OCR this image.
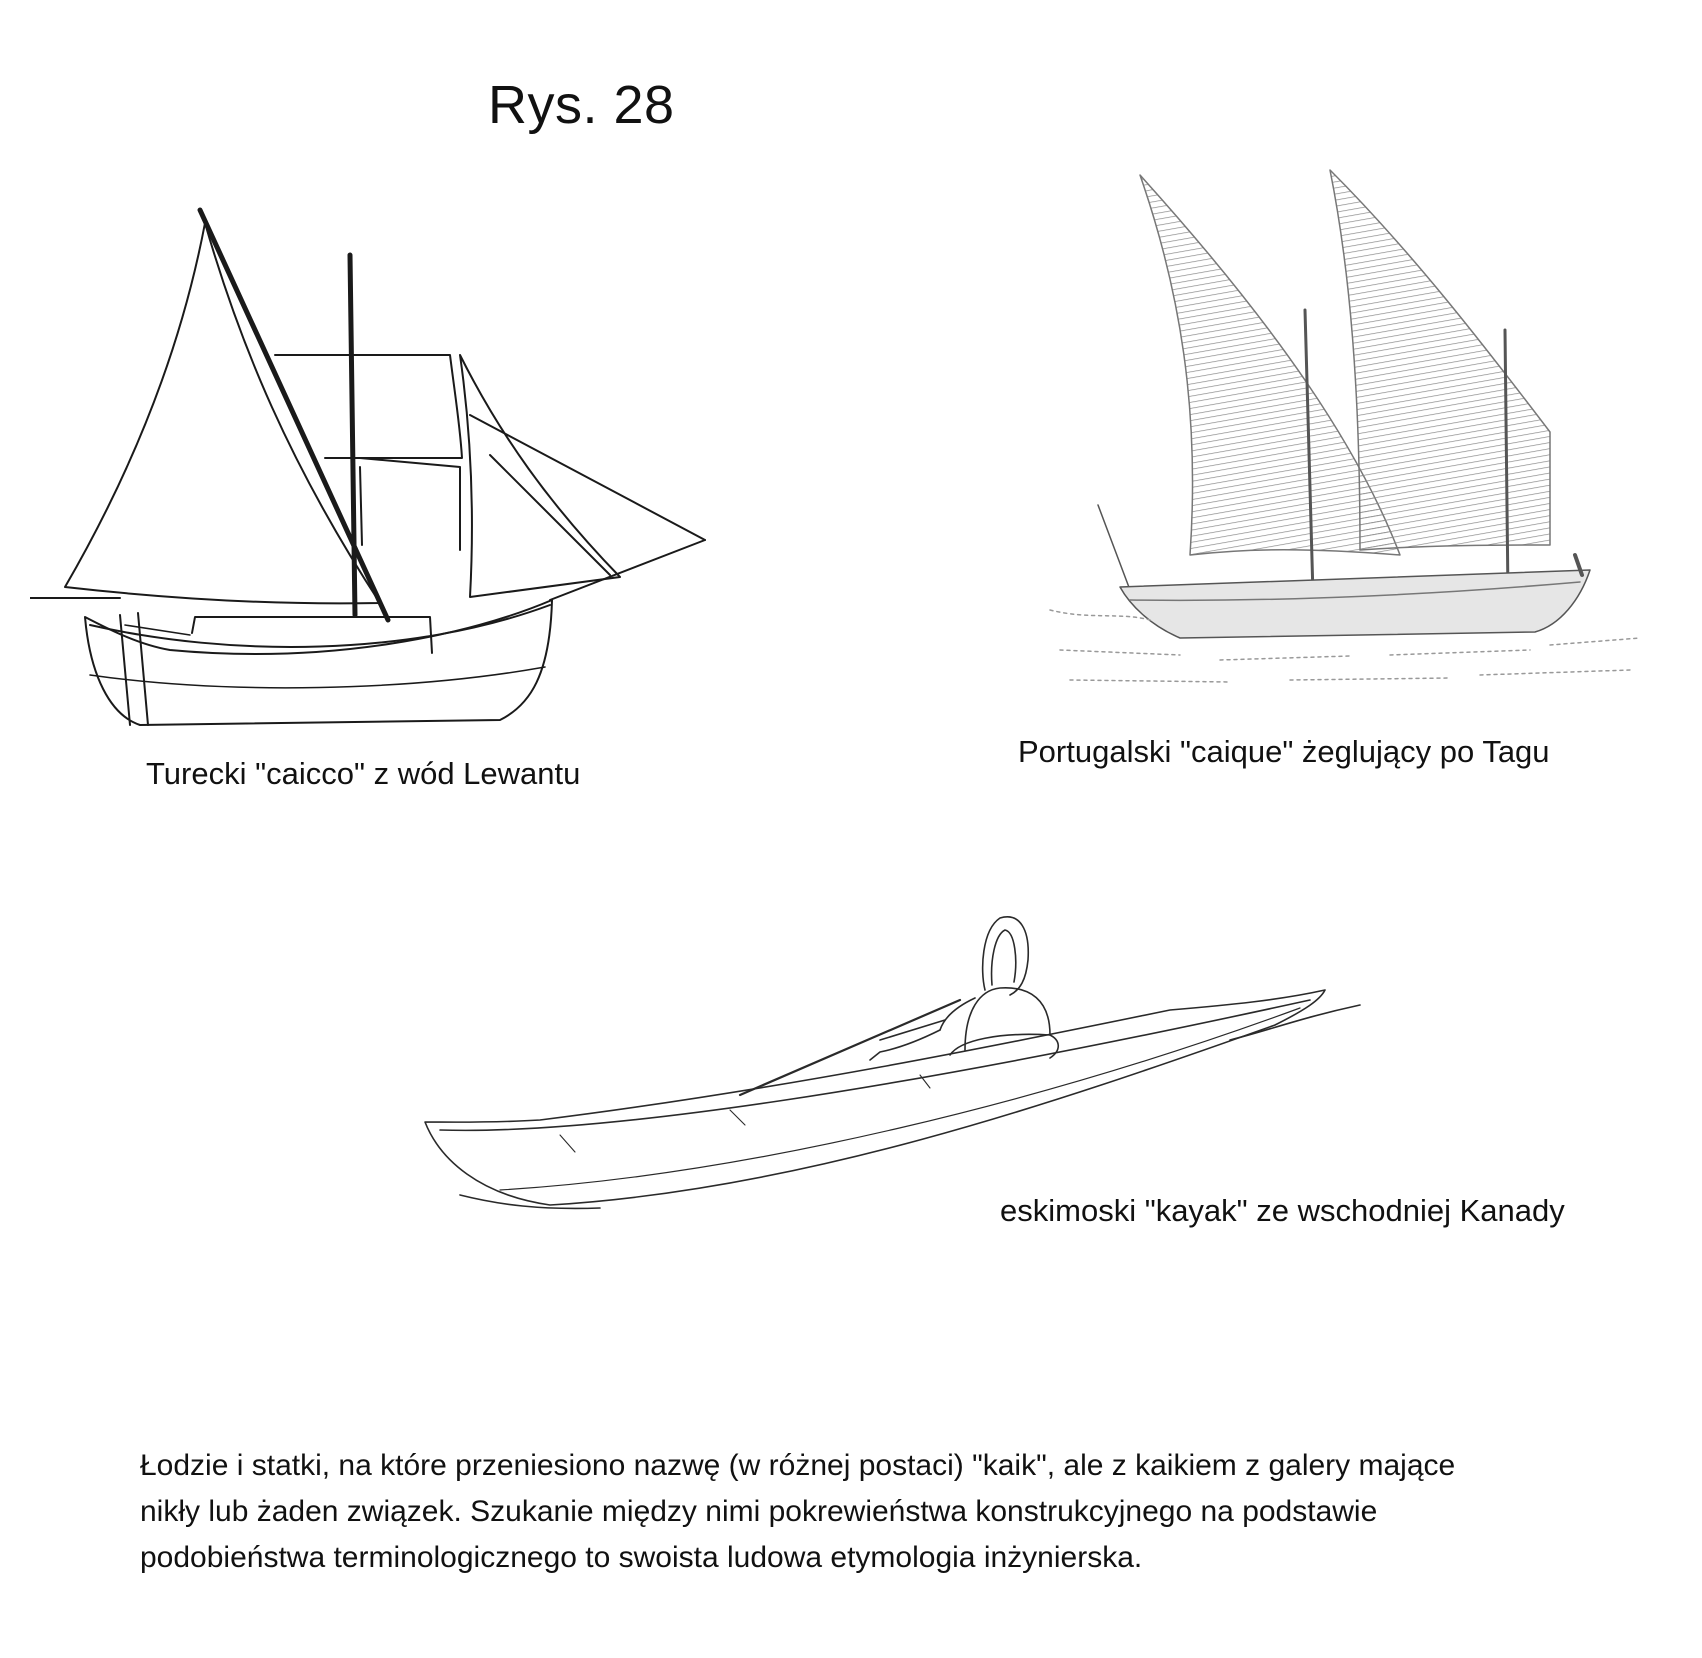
Rys. 28
Turecki "caicco" z wód Lewantu
Portugalski "caique" żeglujący po Tagu
eskimoski "kayak" ze wschodniej Kanady

Łodzie i statki, na które przeniesiono nazwę (w różnej postaci) "kaik", ale z kaikiem z galery mające

nikły lub żaden związek. Szukanie między nimi pokrewieństwa konstrukcyjnego na podstawie

podobieństwa terminologicznego to swoista ludowa etymologia inżynierska.
